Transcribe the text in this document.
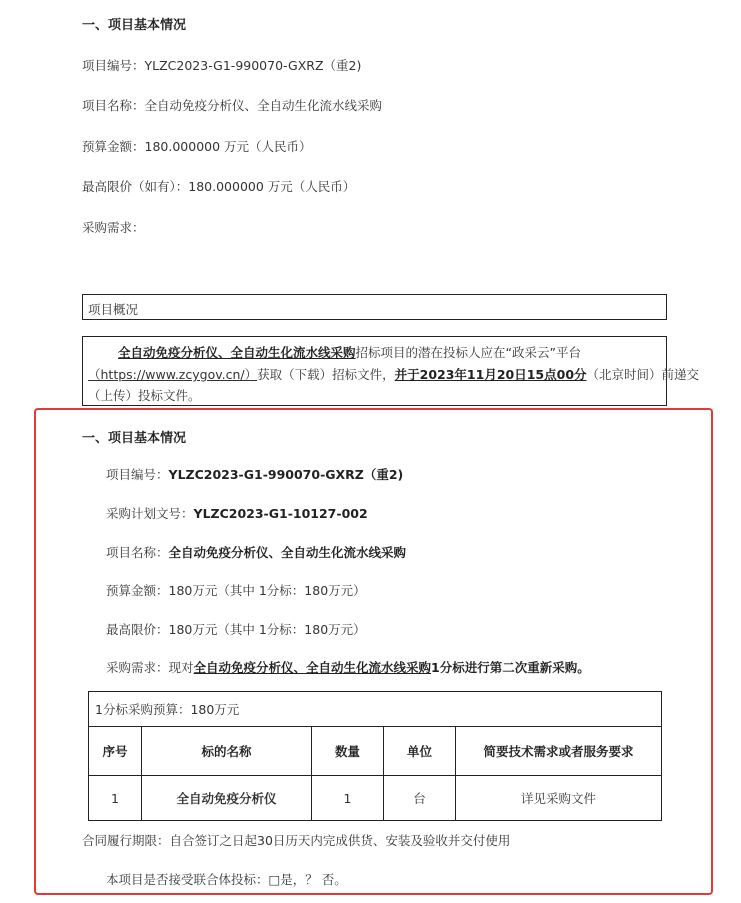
一、项目基本情况
项目编号：YLZC2023-G1-990070-GXRZ（重2)
项目名称：全自动免疫分析仪、全自动生化流水线采购
预算金额：180.000000 万元（人民币）
最高限价（如有）：180.000000 万元（人民币）
采购需求：
项目概况
全自动免疫分析仪、全自动生化流水线采购招标项目的潜在投标人应在“政采云”平台
（https://www.zcygov.cn/）获取（下载）招标文件，并于2023年11月20日15点00分（北京时间）前递交
（上传）投标文件。
一、项目基本情况
项目编号：YLZC2023-G1-990070-GXRZ（重2)
采购计划文号：YLZC2023-G1-10127-002
项目名称：全自动免疫分析仪、全自动生化流水线采购
预算金额：180万元（其中 1分标：180万元）
最高限价：180万元（其中 1分标：180万元）
采购需求：现对全自动免疫分析仪、全自动生化流水线采购1分标进行第二次重新采购。
1分标采购预算：180万元				
序号	标的名称	数量	单位	简要技术需求或者服务要求
1	全自动免疫分析仪	1	台	详见采购文件
合同履行期限：自合签订之日起30日历天内完成供货、安装及验收并交付使用
本项目是否接受联合体投标：□是，？ 否。
